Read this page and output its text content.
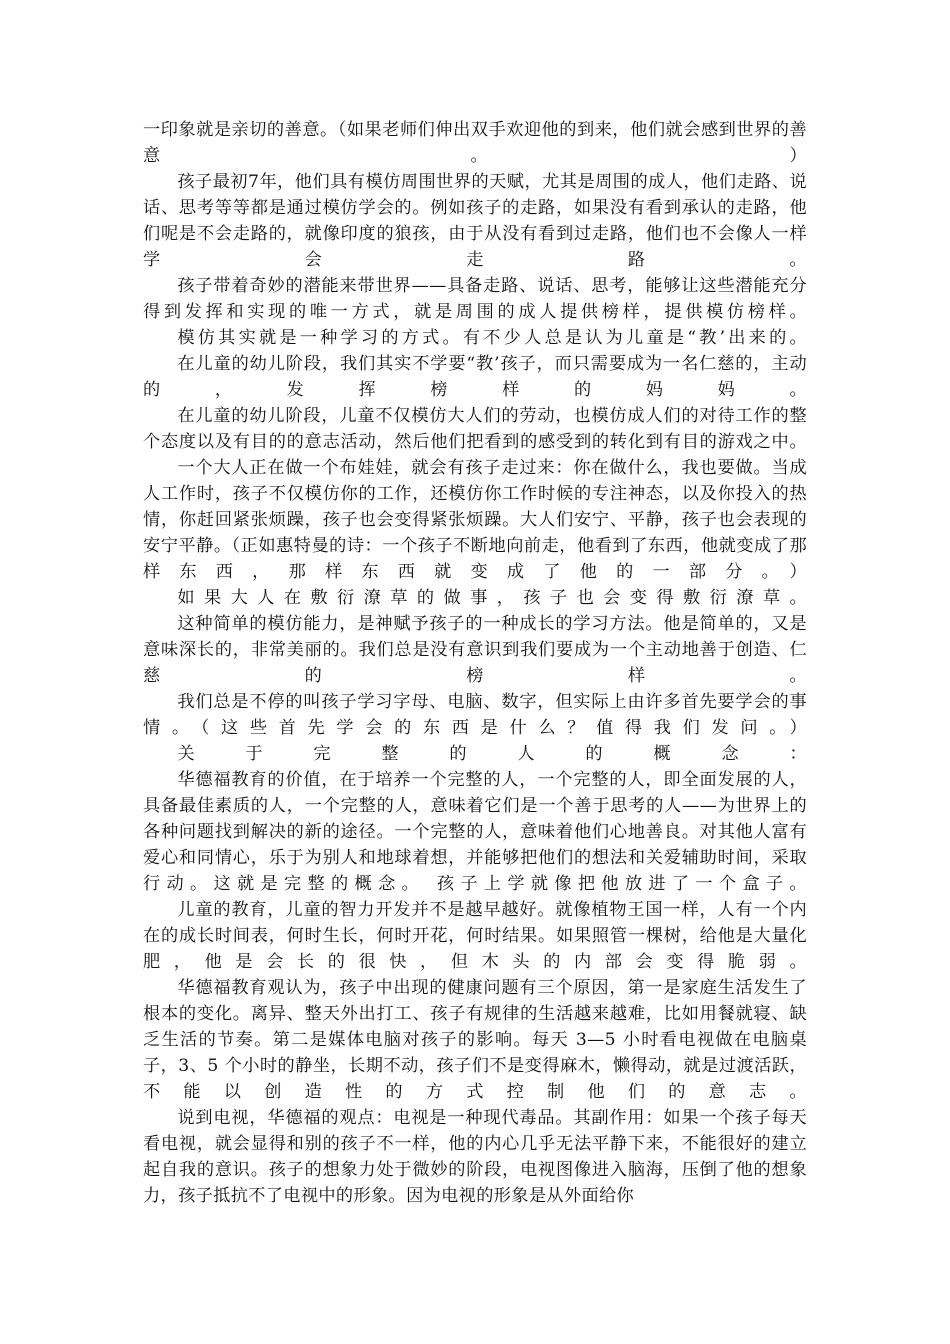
一印象就是亲切的善意。（如果老师们伸出双手欢迎他的到来，他们就会感到世界的善意。）

孩子最初7年，他们具有模仿周围世界的天赋，尤其是周围的成人，他们走路、说话、思考等等都是通过模仿学会的。例如孩子的走路，如果没有看到承认的走路，他们呢是不会走路的，就像印度的狼孩，由于从没有看到过走路，他们也不会像人一样学会走路。

孩子带着奇妙的潜能来带世界——具备走路、说话、思考，能够让这些潜能充分得到发挥和实现的唯一方式，就是周围的成人提供榜样，提供模仿榜样。

模仿其实就是一种学习的方式。有不少人总是认为儿童是“教’出来的。

在儿童的幼儿阶段，我们其实不学要“教’孩子，而只需要成为一名仁慈的，主动的，发挥榜样的妈妈。

在儿童的幼儿阶段，儿童不仅模仿大人们的劳动，也模仿成人们的对待工作的整个态度以及有目的的意志活动，然后他们把看到的感受到的转化到有目的游戏之中。

一个大人正在做一个布娃娃，就会有孩子走过来：你在做什么，我也要做。当成人工作时，孩子不仅模仿你的工作，还模仿你工作时候的专注神态，以及你投入的热情，你赶回紧张烦躁，孩子也会变得紧张烦躁。大人们安宁、平静，孩子也会表现的安宁平静。（正如惠特曼的诗：一个孩子不断地向前走，他看到了东西，他就变成了那样东西，那样东西就变成了他的一部分。）

如果大人在敷衍潦草的做事，孩子也会变得敷衍潦草。

这种简单的模仿能力，是神赋予孩子的一种成长的学习方法。他是简单的，又是意味深长的，非常美丽的。我们总是没有意识到我们要成为一个主动地善于创造、仁慈的榜样。

我们总是不停的叫孩子学习字母、电脑、数字，但实际上由许多首先要学会的事情。（这些首先学会的东西是什么？值得我们发问。）

关于完整的人的概念：

华德福教育的价值，在于培养一个完整的人，一个完整的人，即全面发展的人，具备最佳素质的人，一个完整的人，意味着它们是一个善于思考的人——为世界上的各种问题找到解决的新的途径。一个完整的人，意味着他们心地善良。对其他人富有爱心和同情心，乐于为别人和地球着想，并能够把他们的想法和关爱辅助时间，采取行动。这就是完整的概念。 孩子上学就像把他放进了一个盒子。

儿童的教育，儿童的智力开发并不是越早越好。就像植物王国一样，人有一个内在的成长时间表，何时生长，何时开花，何时结果。如果照管一棵树，给他是大量化肥，他是会长的很快，但木头的内部会变得脆弱。

华德福教育观认为，孩子中出现的健康问题有三个原因，第一是家庭生活发生了根本的变化。离异、整天外出打工、孩子有规律的生活越来越难，比如用餐就寝、缺乏生活的节奏。第二是媒体电脑对孩子的影响。每天 3—5 小时看电视做在电脑桌子，3、5 个小时的静坐，长期不动，孩子们不是变得麻木，懒得动，就是过渡活跃，不能以创造性的方式控制他们的意志。

说到电视，华德福的观点：电视是一种现代毒品。其副作用：如果一个孩子每天看电视，就会显得和别的孩子不一样，他的内心几乎无法平静下来，不能很好的建立起自我的意识。孩子的想象力处于微妙的阶段，电视图像进入脑海，压倒了他的想象力，孩子抵抗不了电视中的形象。因为电视的形象是从外面给你
